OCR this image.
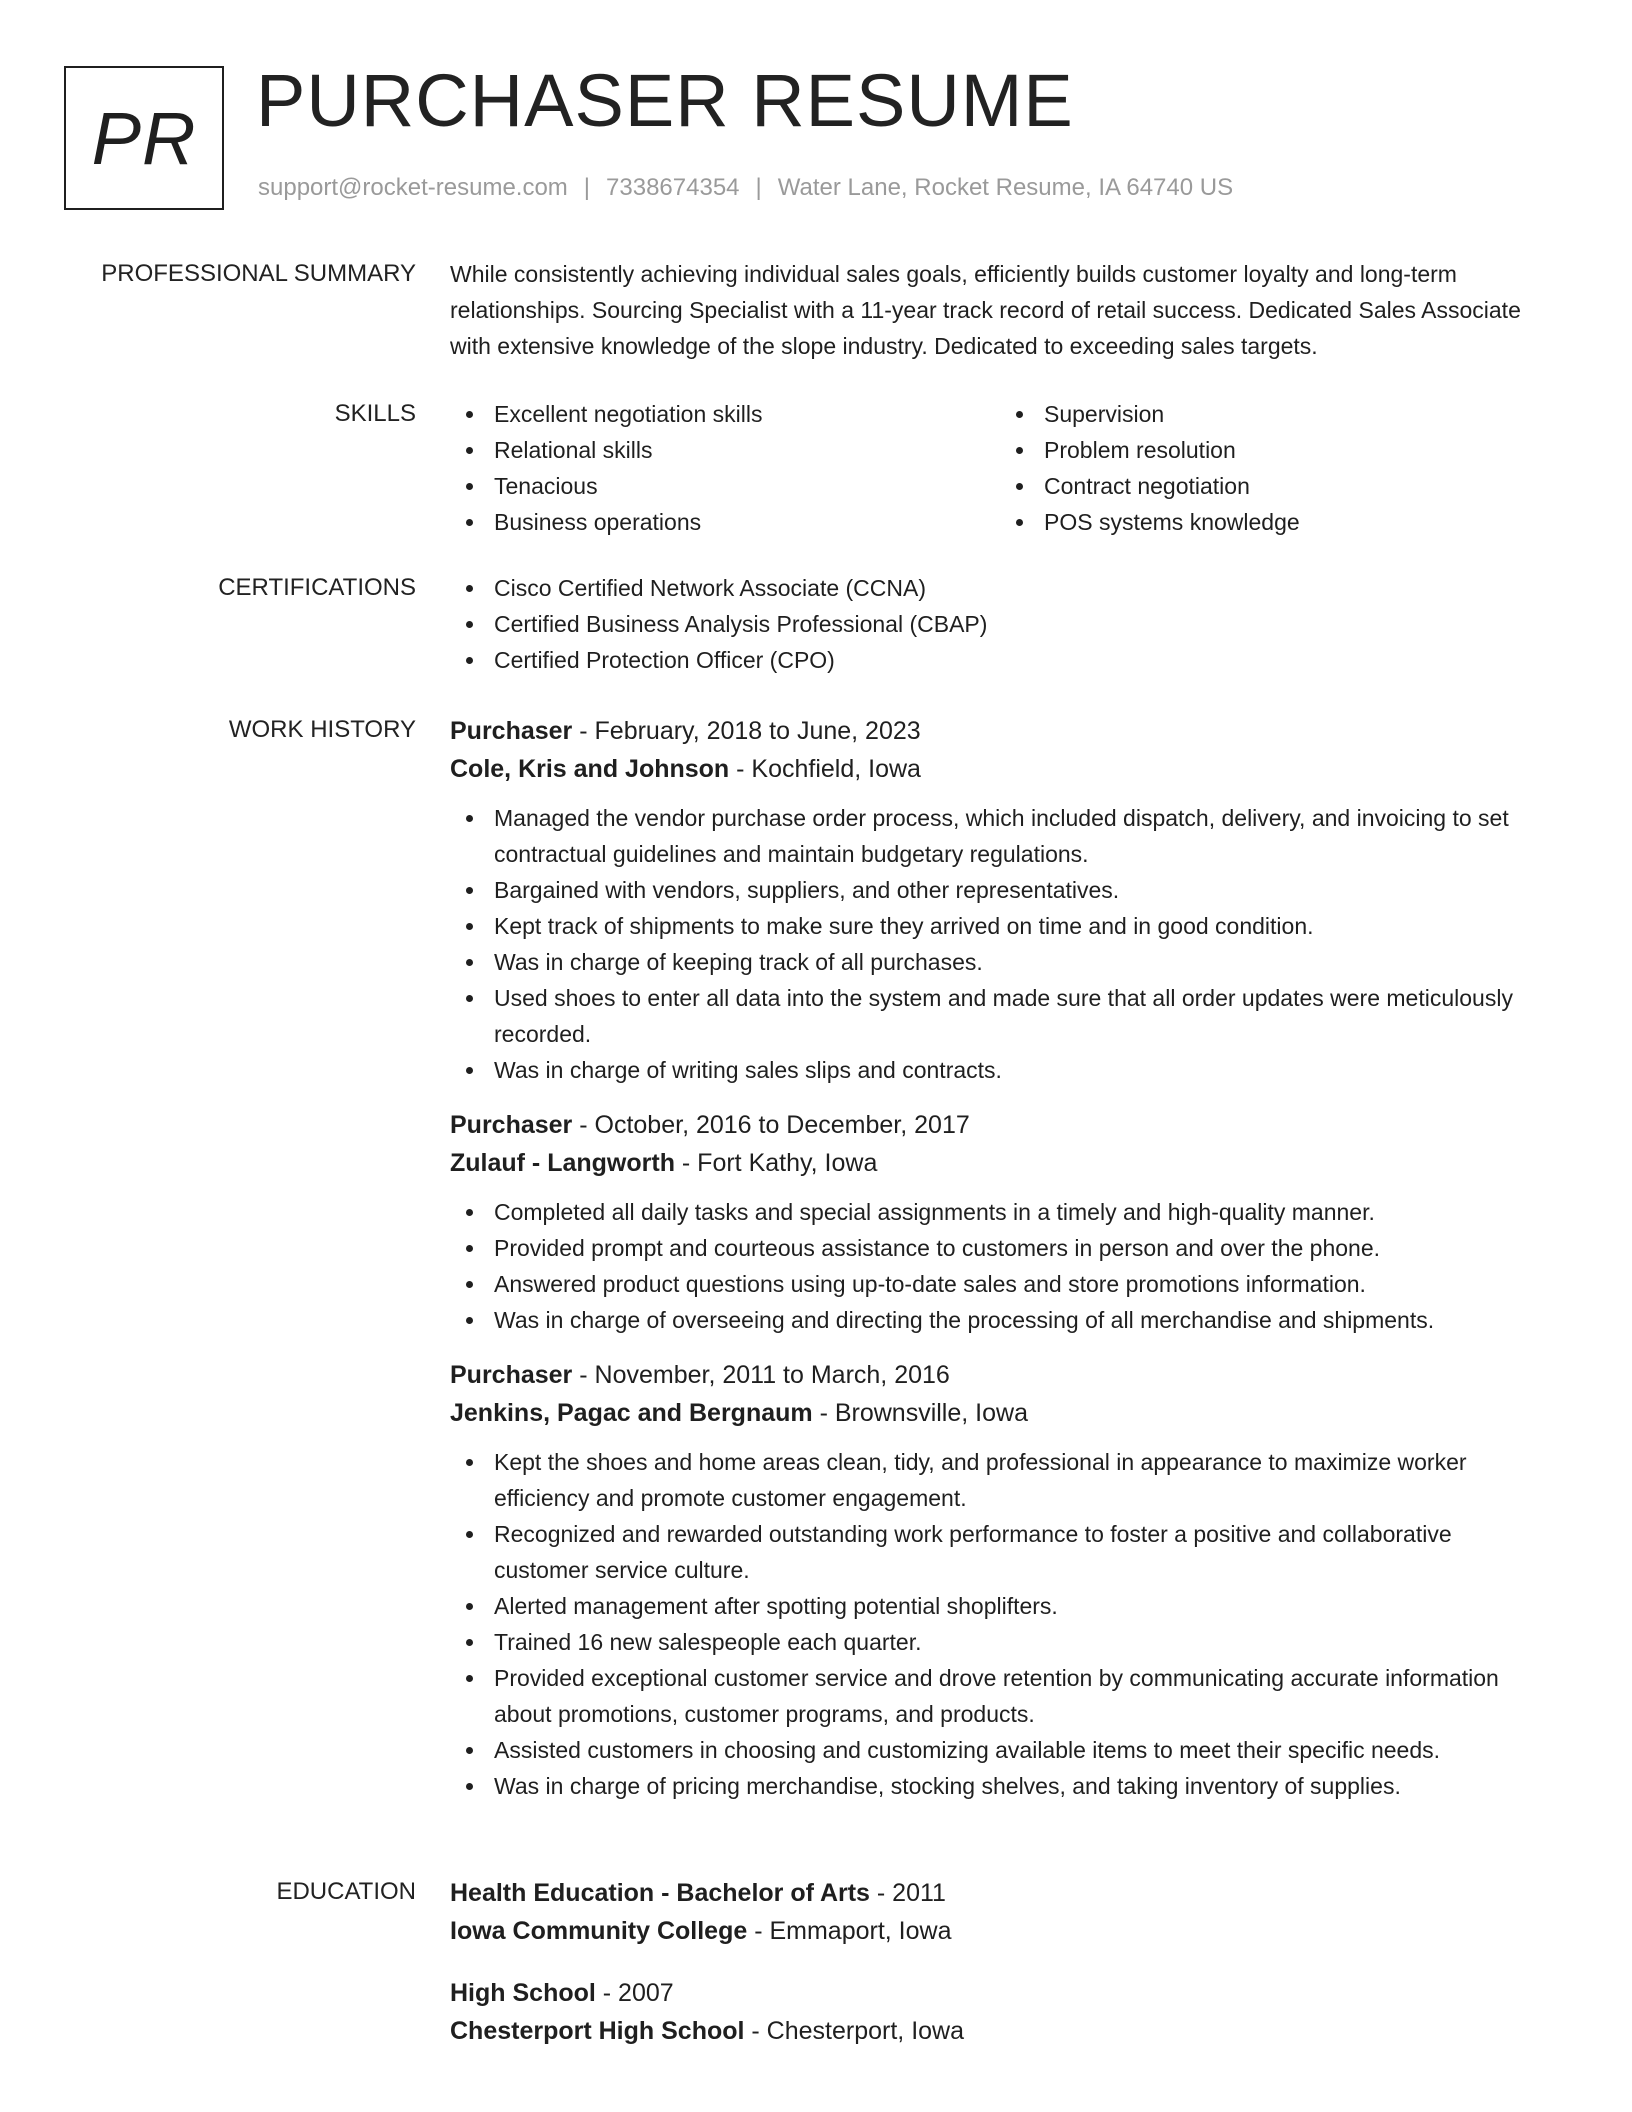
PR PURCHASER RESUME
support@rocket-resume.com | 7338674354 | Water Lane, Rocket Resume, IA 64740 US
PROFESSIONAL SUMMARY While consistently achieving individual sales goals, efficiently builds customer loyalty and long-term relationships. Sourcing Specialist with a 11-year track record of retail success. Dedicated Sales Associate with extensive knowledge of the slope industry. Dedicated to exceeding sales targets.
SKILLS	Excellent negotiation skills
Relational skills
Tenacious
Business operations
Supervision
Problem resolution
Contract negotiation
POS systems knowledge
CERTIFICATIONS	Cisco Certified Network Associate (CCNA)
Certified Business Analysis Professional (CBAP)
Certified Protection Officer (CPO)
WORK HISTORY Purchaser - February, 2018 to June, 2023
Cole, Kris and Johnson - Kochfield, Iowa
Managed the vendor purchase order process, which included dispatch, delivery, and invoicing to set contractual guidelines and maintain budgetary regulations.
Bargained with vendors, suppliers, and other representatives.
Kept track of shipments to make sure they arrived on time and in good condition.
Was in charge of keeping track of all purchases.
Used shoes to enter all data into the system and made sure that all order updates were meticulously recorded.
Was in charge of writing sales slips and contracts.
Purchaser - October, 2016 to December, 2017
Zulauf - Langworth - Fort Kathy, Iowa
Completed all daily tasks and special assignments in a timely and high-quality manner.
Provided prompt and courteous assistance to customers in person and over the phone.
Answered product questions using up-to-date sales and store promotions information.
Was in charge of overseeing and directing the processing of all merchandise and shipments.
Purchaser - November, 2011 to March, 2016
Jenkins, Pagac and Bergnaum - Brownsville, Iowa
Kept the shoes and home areas clean, tidy, and professional in appearance to maximize worker efficiency and promote customer engagement.
Recognized and rewarded outstanding work performance to foster a positive and collaborative customer service culture.
Alerted management after spotting potential shoplifters.
Trained 16 new salespeople each quarter.
Provided exceptional customer service and drove retention by communicating accurate information about promotions, customer programs, and products.
Assisted customers in choosing and customizing available items to meet their specific needs.
Was in charge of pricing merchandise, stocking shelves, and taking inventory of supplies.
EDUCATION Health Education - Bachelor of Arts - 2011
Iowa Community College - Emmaport, Iowa
High School - 2007
Chesterport High School - Chesterport, Iowa
